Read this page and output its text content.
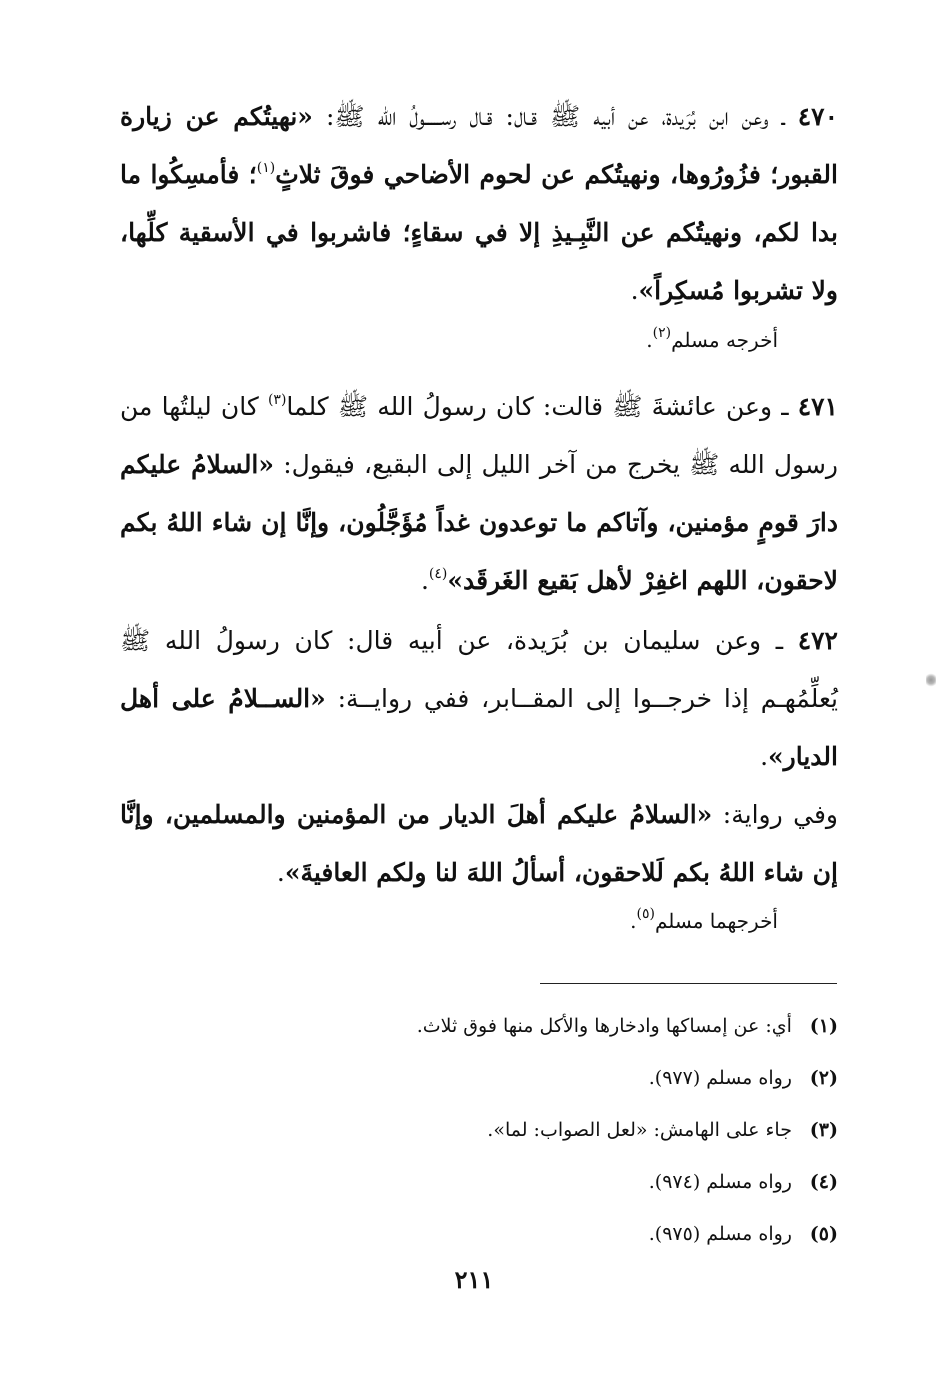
٤٧٠ ـ وعن ابن بُرَيدة، عن أبيه ﷺ قـال: قـال رســـــولُ الله ﷺ: «نهيتُكم عن زيارة القبور؛ فزُورُوها، ونهيتُكم عن لحوم الأضاحي فوقَ ثلاثٍ$^{(١)}$؛ فأمسِكُوا ما بدا لكم، ونهيتُكم عن النَّبِـيذِ إلا في سقاءٍ؛ فاشربوا في الأسقية كلِّها، ولا تشربوا مُسكِراً».

أخرجه مسلم$^{(٢)}$.

٤٧١ ـ وعن عائشةَ ﷺ قالت: كان رسولُ الله ﷺ كلما$^{(٣)}$ كان ليلتُها من رسول الله ﷺ يخرج من آخر الليل إلى البقيع، فيقول: «السلامُ عليكم دارَ قومٍ مؤمنين، وآتاكم ما توعدون غداً مُؤَجَّلُون، وإنَّا إن شاء اللهُ بكم لاحقون، اللهم اغفِرْ لأهل بَقيع الغَرقَد»$^{(٤)}$.

٤٧٢ ـ وعن سليمان بن بُرَيدة، عن أبيه قال: كان رسولُ الله ﷺ يُعلِّمُهـم إذا خرجــوا إلى المقــابر، ففي روايــة: «الســلامُ على أهل الديار».

وفي رواية: «السلامُ عليكم أهلَ الديار من المؤمنين والمسلمين، وإنَّا إن شاء اللهُ بكم لَلاحقون، أسألُ اللهَ لنا ولكم العافيةَ».

أخرجهما مسلم$^{(٥)}$.
(١) أي: عن إمساكها وادخارها والأكل منها فوق ثلاث.
(٢) رواه مسلم (٩٧٧).
(٣) جاء على الهامش: «لعل الصواب: لما».
(٤) رواه مسلم (٩٧٤).
(٥) رواه مسلم (٩٧٥).
٢١١
